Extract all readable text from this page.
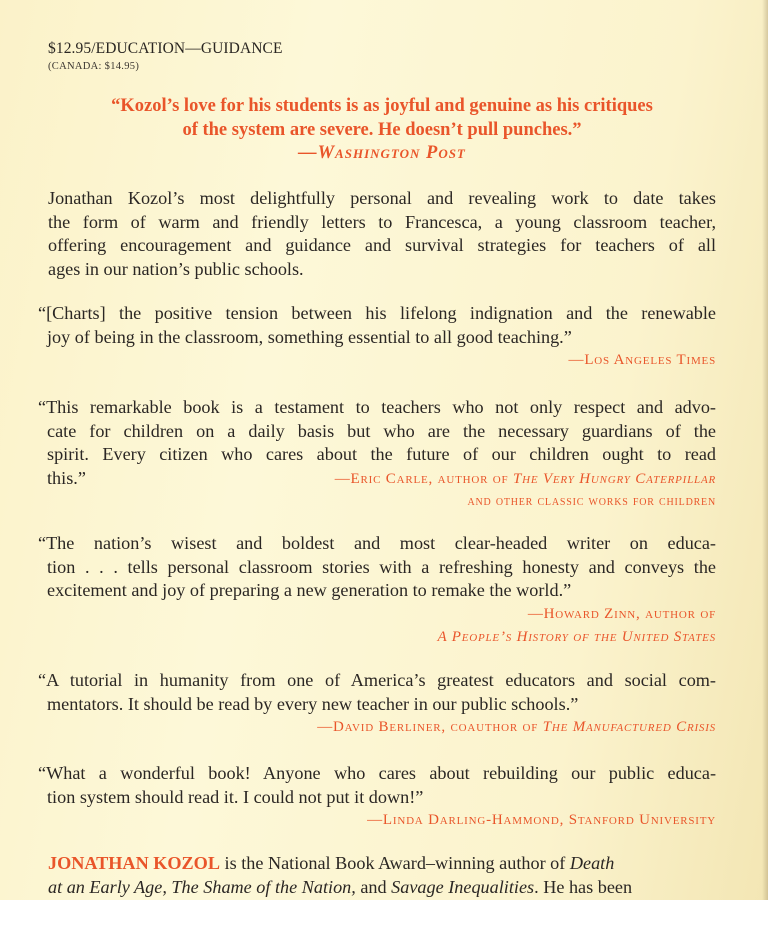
$12.95/EDUCATION—GUIDANCE

(CANADA: $14.95)

“Kozol’s love for his students is as joyful and genuine as his critiques
of the system are severe. He doesn’t pull punches.”
—Washington Post
Jonathan Kozol’s most delightfully personal and revealing work to date takes
the form of warm and friendly letters to Francesca, a young classroom teacher,
offering encouragement and guidance and survival strategies for teachers of all
ages in our nation’s public schools.
“[Charts] the positive tension between his lifelong indignation and the renewable
joy of being in the classroom, something essential to all good teaching.”
—Los Angeles Times
“This remarkable book is a testament to teachers who not only respect and advo-
cate for children on a daily basis but who are the necessary guardians of the
spirit. Every citizen who cares about the future of our children ought to read
this.”	—Eric Carle, author of The Very Hungry Caterpillar
and other classic works for children
“The nation’s wisest and boldest and most clear-headed writer on educa-
tion . . . tells personal classroom stories with a refreshing honesty and conveys the
excitement and joy of preparing a new generation to remake the world.”
—Howard Zinn, author of
A People’s History of the United States
“A tutorial in humanity from one of America’s greatest educators and social com-
mentators. It should be read by every new teacher in our public schools.”
—David Berliner, coauthor of The Manufactured Crisis
“What a wonderful book! Anyone who cares about rebuilding our public educa-
tion system should read it. I could not put it down!”
—Linda Darling-Hammond, Stanford University
JONATHAN KOZOL is the National Book Award–winning author of Death
at an Early Age, The Shame of the Nation, and Savage Inequalities. He has been
